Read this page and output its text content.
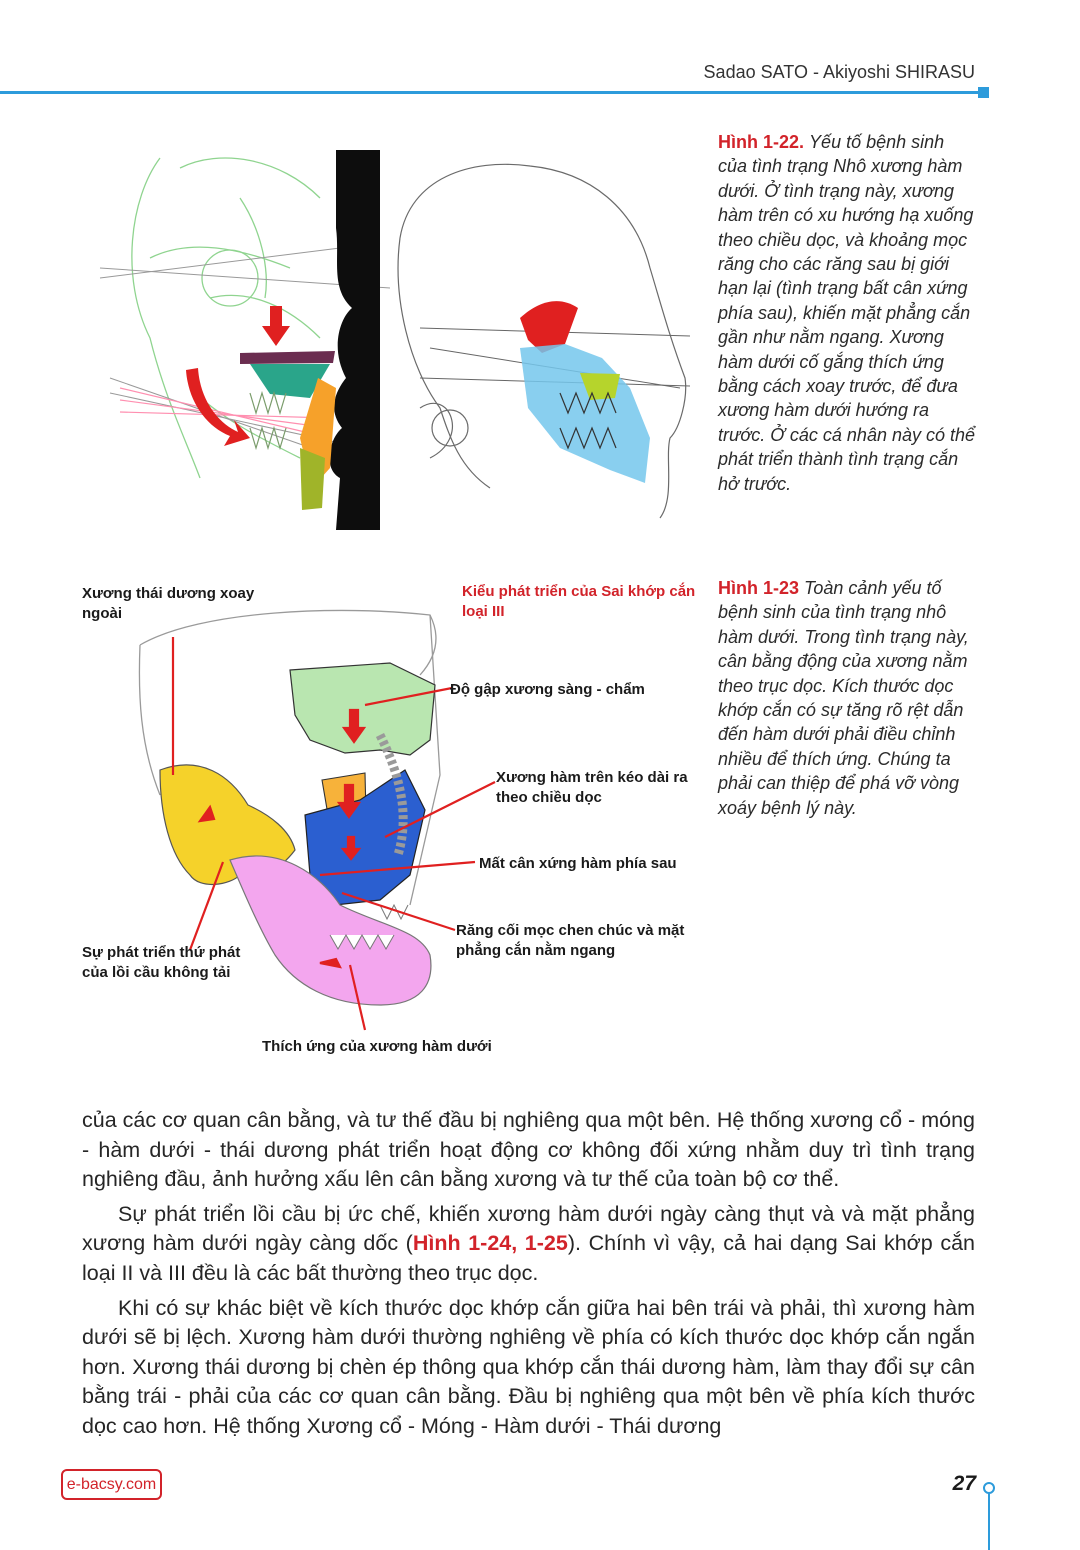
Sadao SATO - Akiyoshi SHIRASU
Hình 1-22. Yếu tố bệnh sinh của tình trạng Nhô xương hàm dưới. Ở tình trạng này, xương hàm trên có xu hướng hạ xuống theo chiều dọc, và khoảng mọc răng cho các răng sau bị giới hạn lại (tình trạng bất cân xứng phía sau), khiến mặt phẳng cắn gần như nằm ngang. Xương hàm dưới cố gắng thích ứng bằng cách xoay trước, để đưa xương hàm dưới hướng ra trước. Ở các cá nhân này có thể phát triển thành tình trạng cắn hở trước.
Xương thái dương xoay ngoài
Kiểu phát triển của Sai khớp cắn loại III
Độ gập xương sàng - chẩm
Xương hàm trên kéo dài ra theo chiều dọc
Mất cân xứng hàm phía sau
Răng cối mọc chen chúc và mặt phẳng cắn nằm ngang
Sự phát triển thứ phát của lồi cầu không tải
Thích ứng của xương hàm dưới
Hình 1-23 Toàn cảnh yếu tố bệnh sinh của tình trạng nhô hàm dưới. Trong tình trạng này, cân bằng động của xương nằm theo trục dọc. Kích thước dọc khớp cắn có sự tăng rõ rệt dẫn đến hàm dưới phải điều chỉnh nhiều để thích ứng. Chúng ta phải can thiệp để phá vỡ vòng xoáy bệnh lý này.

của các cơ quan cân bằng, và tư thế đầu bị nghiêng qua một bên. Hệ thống xương cổ - móng - hàm dưới - thái dương phát triển hoạt động cơ không đối xứng nhằm duy trì tình trạng nghiêng đầu, ảnh hưởng xấu lên cân bằng xương và tư thế của toàn bộ cơ thể.

Sự phát triển lồi cầu bị ức chế, khiến xương hàm dưới ngày càng thụt và và mặt phẳng xương hàm dưới ngày càng dốc (Hình 1-24, 1-25). Chính vì vậy, cả hai dạng Sai khớp cắn loại II và III đều là các bất thường theo trục dọc.

Khi có sự khác biệt về kích thước dọc khớp cắn giữa hai bên trái và phải, thì xương hàm dưới sẽ bị lệch. Xương hàm dưới thường nghiêng về phía có kích thước dọc khớp cắn ngắn hơn. Xương thái dương bị chèn ép thông qua khớp cắn thái dương hàm, làm thay đổi sự cân bằng trái - phải của các cơ quan cân bằng. Đầu bị nghiêng qua một bên về phía kích thước dọc cao hơn. Hệ thống Xương cổ - Móng - Hàm dưới - Thái dương

e-bacsy.com	27
